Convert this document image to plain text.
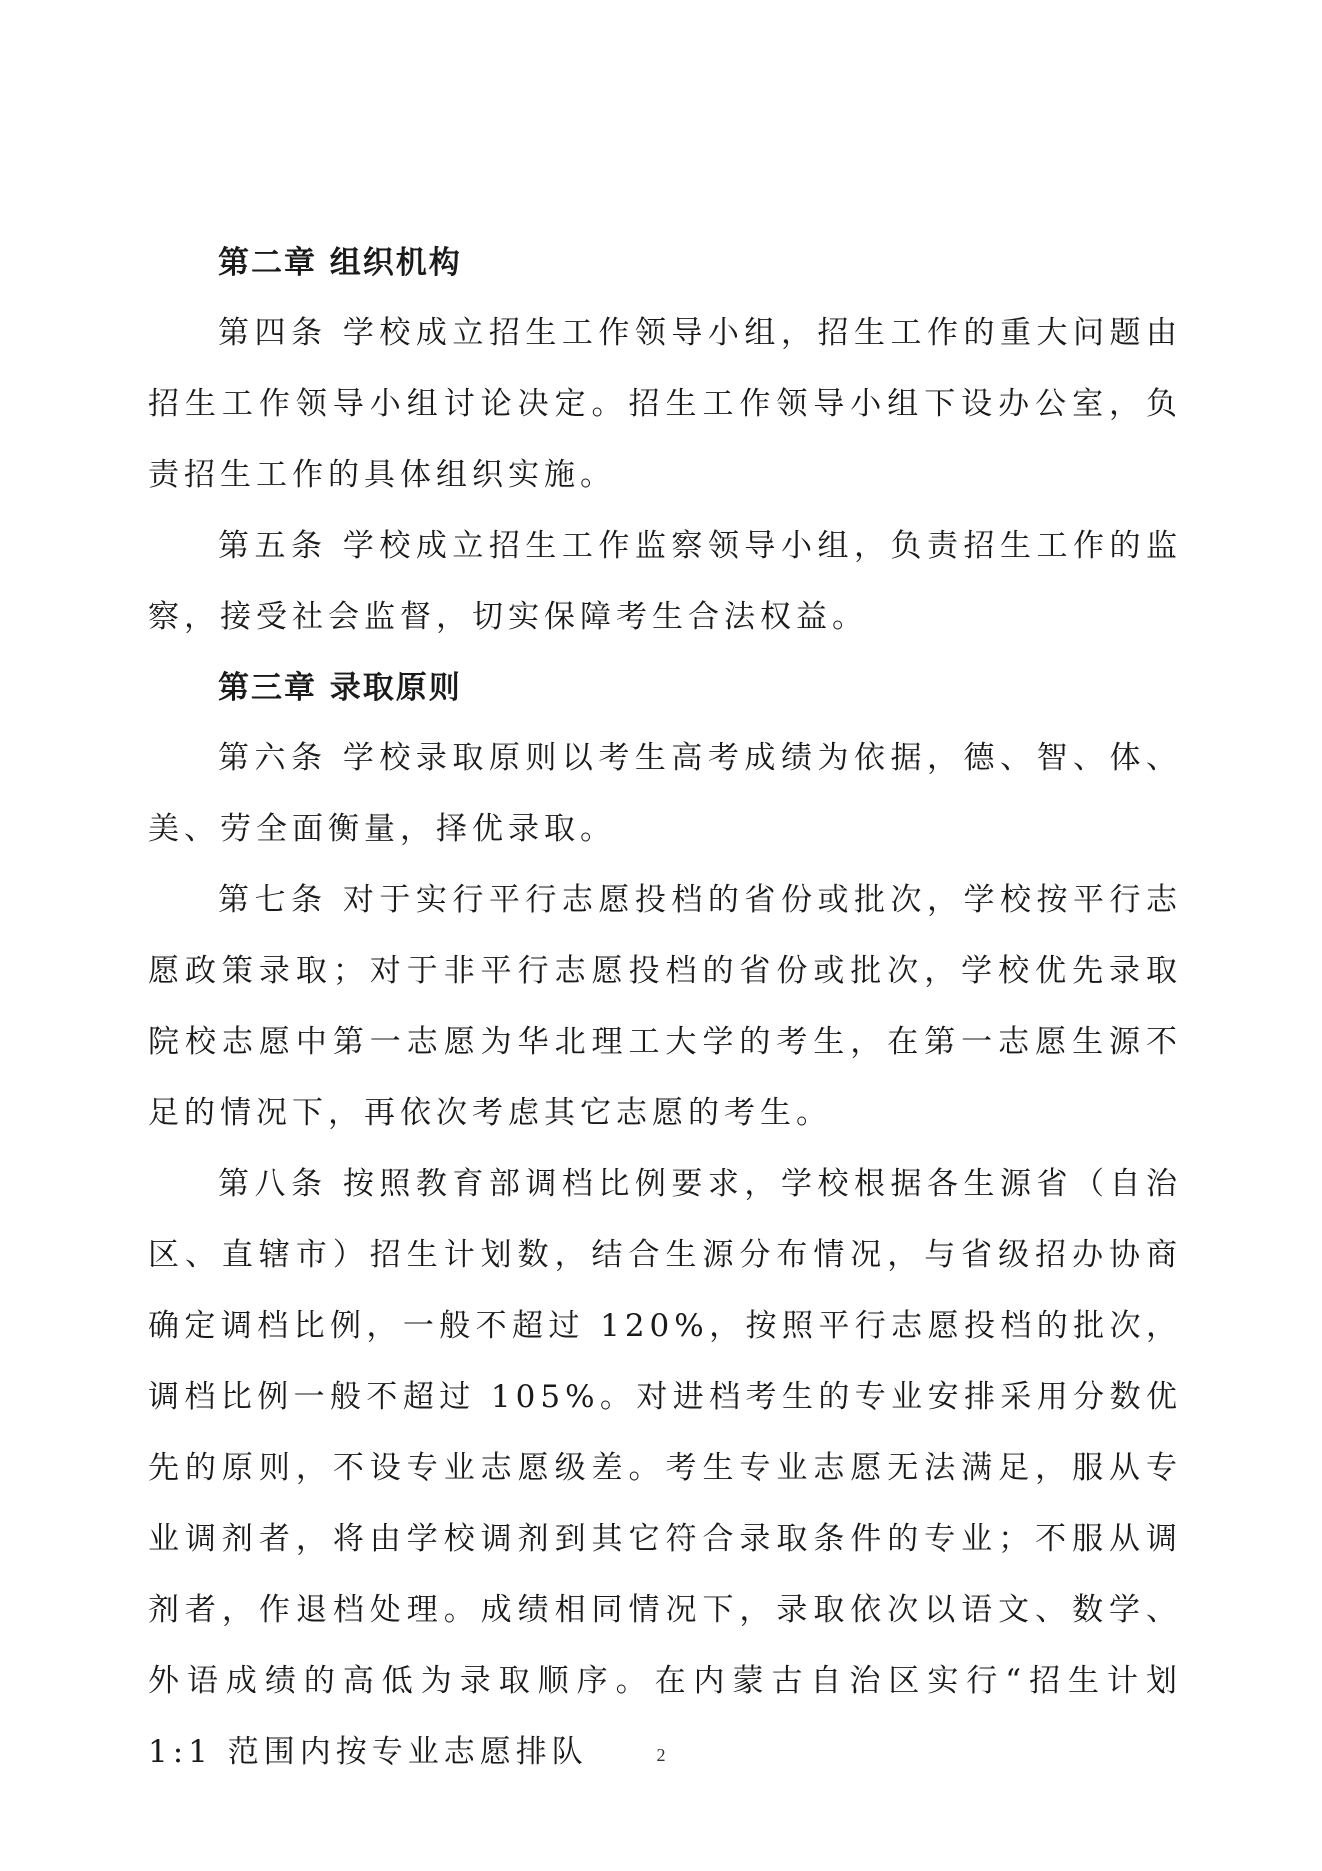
第二章 组织机构

第四条 学校成立招生工作领导小组，招生工作的重大问题由招生工作领导小组讨论决定。招生工作领导小组下设办公室，负责招生工作的具体组织实施。

第五条 学校成立招生工作监察领导小组，负责招生工作的监察，接受社会监督，切实保障考生合法权益。

第三章 录取原则

第六条 学校录取原则以考生高考成绩为依据，德、智、体、美、劳全面衡量，择优录取。

第七条 对于实行平行志愿投档的省份或批次，学校按平行志愿政策录取；对于非平行志愿投档的省份或批次，学校优先录取院校志愿中第一志愿为华北理工大学的考生，在第一志愿生源不足的情况下，再依次考虑其它志愿的考生。

第八条 按照教育部调档比例要求，学校根据各生源省（自治区、直辖市）招生计划数，结合生源分布情况，与省级招办协商确定调档比例，一般不超过 120%，按照平行志愿投档的批次，调档比例一般不超过 105%。对进档考生的专业安排采用分数优先的原则，不设专业志愿级差。考生专业志愿无法满足，服从专业调剂者，将由学校调剂到其它符合录取条件的专业；不服从调剂者，作退档处理。成绩相同情况下，录取依次以语文、数学、外语成绩的高低为录取顺序。在内蒙古自治区实行“招生计划 1:1 范围内按专业志愿排队	2
